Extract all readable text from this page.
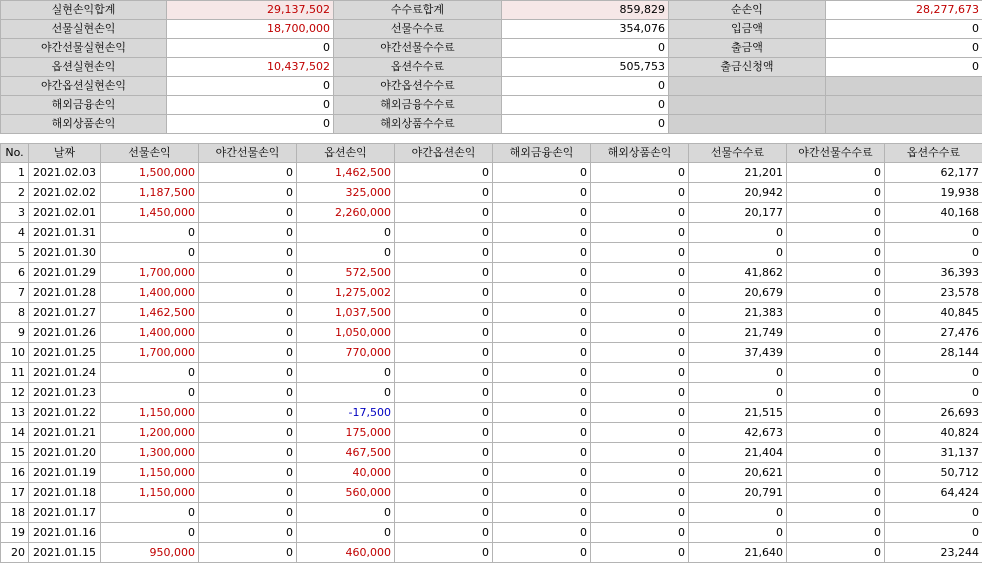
실현손익합계	29,137,502	수수료합계	859,829	순손익	28,277,673
선물실현손익	18,700,000	선물수수료	354,076	입금액	0
야간선물실현손익	0	야간선물수수료	0	출금액	0
옵션실현손익	10,437,502	옵션수수료	505,753	출금신청액	0
야간옵션실현손익	0	야간옵션수수료	0		
해외금융손익	0	해외금융수수료	0		
해외상품손익	0	해외상품수수료	0		
No.	날짜	선물손익	야간선물손익	옵션손익	야간옵션손익	해외금융손익	해외상품손익	선물수수료	야간선물수수료	옵션수수료
1	2021.02.03	1,500,000	0	1,462,500	0	0	0	21,201	0	62,177
2	2021.02.02	1,187,500	0	325,000	0	0	0	20,942	0	19,938
3	2021.02.01	1,450,000	0	2,260,000	0	0	0	20,177	0	40,168
4	2021.01.31	0	0	0	0	0	0	0	0	0
5	2021.01.30	0	0	0	0	0	0	0	0	0
6	2021.01.29	1,700,000	0	572,500	0	0	0	41,862	0	36,393
7	2021.01.28	1,400,000	0	1,275,002	0	0	0	20,679	0	23,578
8	2021.01.27	1,462,500	0	1,037,500	0	0	0	21,383	0	40,845
9	2021.01.26	1,400,000	0	1,050,000	0	0	0	21,749	0	27,476
10	2021.01.25	1,700,000	0	770,000	0	0	0	37,439	0	28,144
11	2021.01.24	0	0	0	0	0	0	0	0	0
12	2021.01.23	0	0	0	0	0	0	0	0	0
13	2021.01.22	1,150,000	0	-17,500	0	0	0	21,515	0	26,693
14	2021.01.21	1,200,000	0	175,000	0	0	0	42,673	0	40,824
15	2021.01.20	1,300,000	0	467,500	0	0	0	21,404	0	31,137
16	2021.01.19	1,150,000	0	40,000	0	0	0	20,621	0	50,712
17	2021.01.18	1,150,000	0	560,000	0	0	0	20,791	0	64,424
18	2021.01.17	0	0	0	0	0	0	0	0	0
19	2021.01.16	0	0	0	0	0	0	0	0	0
20	2021.01.15	950,000	0	460,000	0	0	0	21,640	0	23,244
